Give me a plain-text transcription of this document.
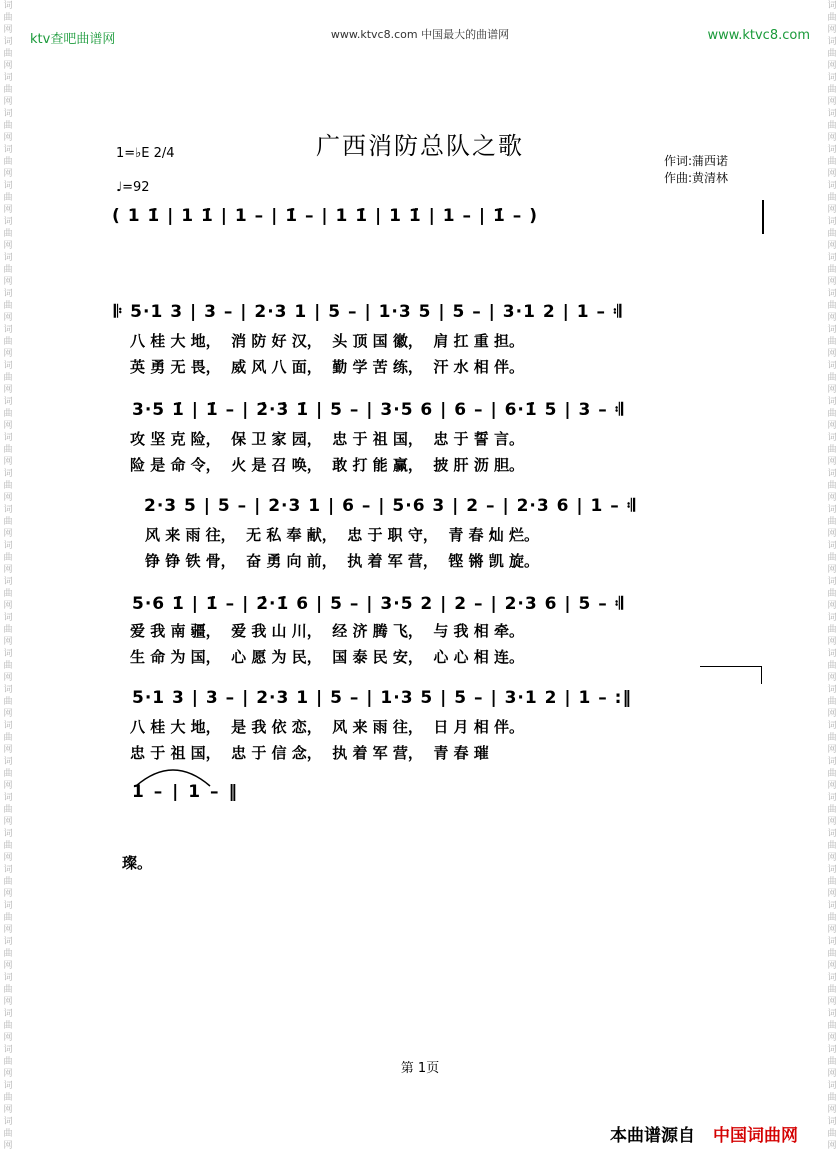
词
曲
网
词
曲
网
词
曲
网
词
曲
网
词
曲
网
词
曲
网
词
曲
网
词
曲
网
词
曲
网
词
曲
网
词
曲
网
词
曲
网
词
曲
网
词
曲
网
词
曲
网
词
曲
网
词
曲
网
词
曲
网
词
曲
网
词
曲
网
词
曲
网
词
曲
网
词
曲
网
词
曲
网
词
曲
网
词
曲
网
词
曲
网
词
曲
网
词
曲
网
词
曲
网
词
曲
网
词
曲
网
词
曲
网
词
曲
网
词
曲
网
词
曲
网
词
曲
网
词
曲
网
词
曲
网
词
曲
网
词
曲
网
词
曲
网
词
曲
网
词
曲
网
词
曲
网
词
曲
网
词
曲
网
词
曲
网
词
曲
网
词
曲
网
词
曲
网
词
曲
网
词
曲
网
词
曲
网
词
曲
网
词
曲
网
词
曲
网
词
曲
网
词
曲
网
词
曲
网
词
曲
网
词
曲
网
词
曲
网
词
曲
网
ktv查吧曲谱网	www.ktvc8.com 中国最大的曲谱网	www.ktvc8.com
广西消防总队之歌
1=♭E 2/4
♩=92
作词:蒲西诺
作曲:黄清林
( 1 1̇ | 1 1̇ | 1 – | 1̇ – | 1 1̇ | 1 1̇ | 1 – | 1̇ – )
𝄆 5·1 3 | 3 – | 2·3 1 | 5 – | 1·3 5 | 5 – | 3·1 2 | 1 – 𝄇
八 桂 大 地，  消 防 好 汉，  头 顶 国 徽，  肩 扛 重 担。
英 勇 无 畏，  威 风 八 面，  勤 学 苦 练，  汗 水 相 伴。
3·5 1̇ | 1̇ – | 2̇·3̇ 1̇ | 5 – | 3·5 6 | 6 – | 6·1̇ 5 | 3 – 𝄇
攻 坚 克 险，  保 卫 家 园，  忠 于 祖 国，  忠 于 誓 言。
险 是 命 令，  火 是 召 唤，  敢 打 能 赢，  披 肝 沥 胆。
2·3 5 | 5 – | 2·3 1 | 6 – | 5·6 3 | 2 – | 2·3 6 | 1 – 𝄇
风 来 雨 往，  无 私 奉 献，  忠 于 职 守，  青 春 灿 烂。
铮 铮 铁 骨，  奋 勇 向 前，  执 着 军 营，  铿 锵 凯 旋。
5·6 1̇ | 1̇ – | 2̇·1̇ 6 | 5 – | 3·5 2 | 2 – | 2·3 6 | 5 – 𝄇
爱 我 南 疆，  爱 我 山 川，  经 济 腾 飞，  与 我 相 牵。
生 命 为 国，  心 愿 为 民，  国 泰 民 安，  心 心 相 连。
5·1 3 | 3 – | 2·3 1 | 5 – | 1·3 5 | 5 – | 3·1 2 | 1 – :‖
八 桂 大 地，  是 我 依 恋，  风 来 雨 往，  日 月 相 伴。
忠 于 祖 国，  忠 于 信 念，  执 着 军 营，  青 春 璀
1 – | 1 – ‖
璨。
第 1页
本曲谱源自 中国词曲网
